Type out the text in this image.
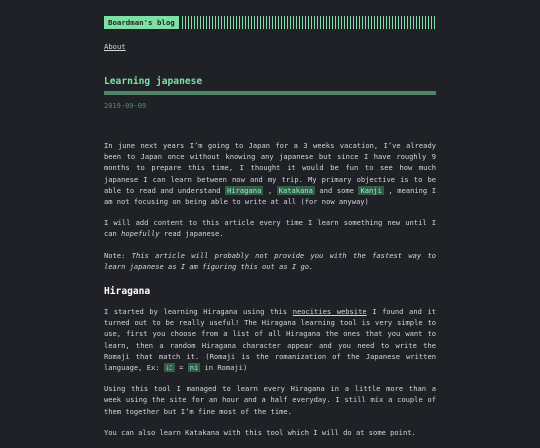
Boardman's blog
About
Learning japanese
2019-09-09

In june next years I’m going to Japan for a 3 weeks vacation, I’ve already been to Japan once without knowing any japanese but since I have roughly 9 months to prepare this time, I thought it would be fun to see how much japanese I can learn between now and my trip. My primary objective is to be able to read and understand Hiragana , Katakana and some Kanji , meaning I am not focusing on being able to write at all (for now anyway)

I will add content to this article every time I learn something new until I can hopefully read japanese.

Note: This article will probably not provide you with the fastest way to learn japanese as I am figuring this out as I go.

Hiragana

I started by learning Hiragana using this neocities website I found and it turned out to be really useful! The Hiragana learning tool is very simple to use, first you choose from a list of all Hiragana the ones that you want to learn, then a random Hiragana character appear and you need to write the Romaji that match it. (Romaji is the romanization of the Japanese written language, Ex: に = ni in Romaji)

Using this tool I managed to learn every Hiragana in a little more than a week using the site for an hour and a half everyday. I still mix a couple of them together but I’m fine most of the time.

You can also learn Katakana with this tool which I will do at some point.
